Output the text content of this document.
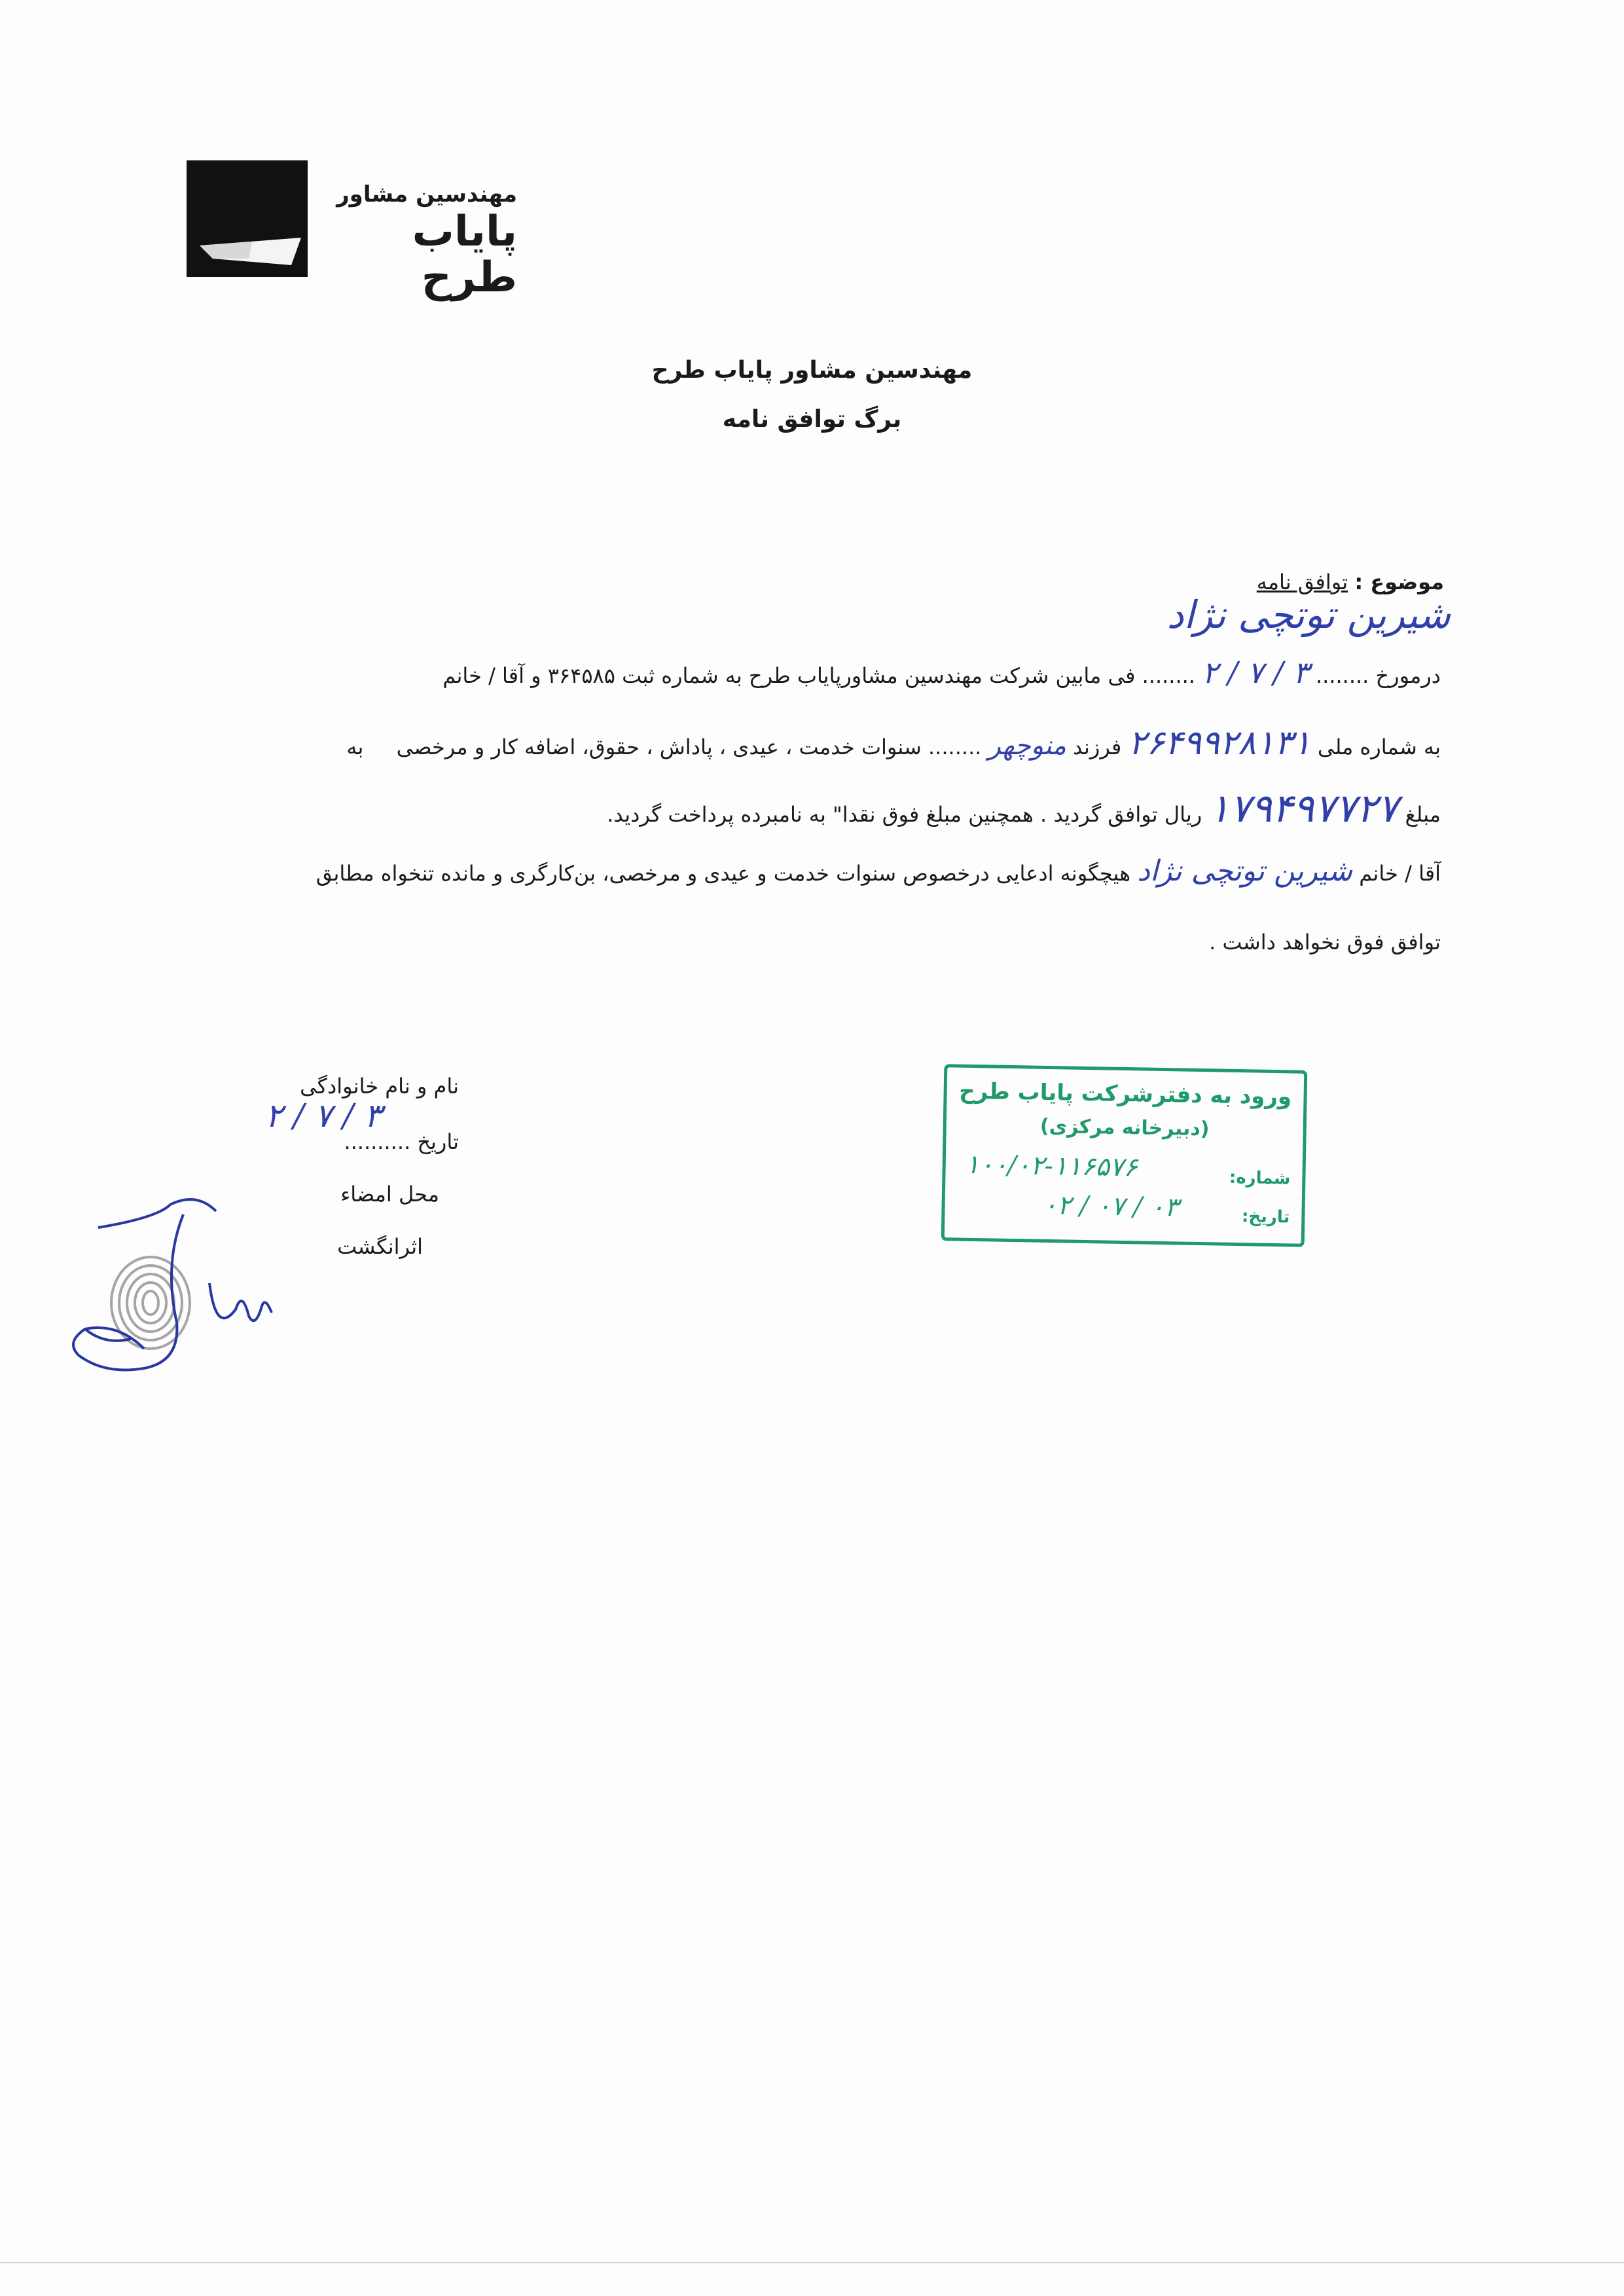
مهندسین مشاور
پایاب طرح
مهندسین مشاور پایاب طرح
برگ توافق نامه
موضوع : توافق نامه
شیرین توتچی نژاد
درمورخ ........ ۳ / ۷ / ۲ ........ فی مابین شرکت مهندسین مشاورپایاب طرح به شماره ثبت ۳۶۴۵۸۵ و آقا / خانم
به شماره ملی ۲۶۴۹۹۲۸۱۳۱ فرزند منوچهر ........ سنوات خدمت ، عیدی ، پاداش ، حقوق، اضافه کار و مرخصی به
مبلغ ۱۷۹۴۹۷۷۲۷ ریال توافق گردید . همچنین مبلغ فوق نقدا" به نامبرده پرداخت گردید.
آقا / خانم شیرین توتچی نژاد هیچگونه ادعایی درخصوص سنوات خدمت و عیدی و مرخصی، بن‌کارگری و مانده تنخواه مطابق
توافق فوق نخواهد داشت .
نام و نام خانوادگی
تاریخ ..........
۳ / ۷ / ۲
محل امضاء
اثرانگشت
ورود به دفترشرکت پایاب طرح
(دبیرخانه مرکزی)
شماره:
۱۰۰/۰۲-۱۱۶۵۷۶
تاریخ:
۰۳ / ۰۷ / ۰۲
